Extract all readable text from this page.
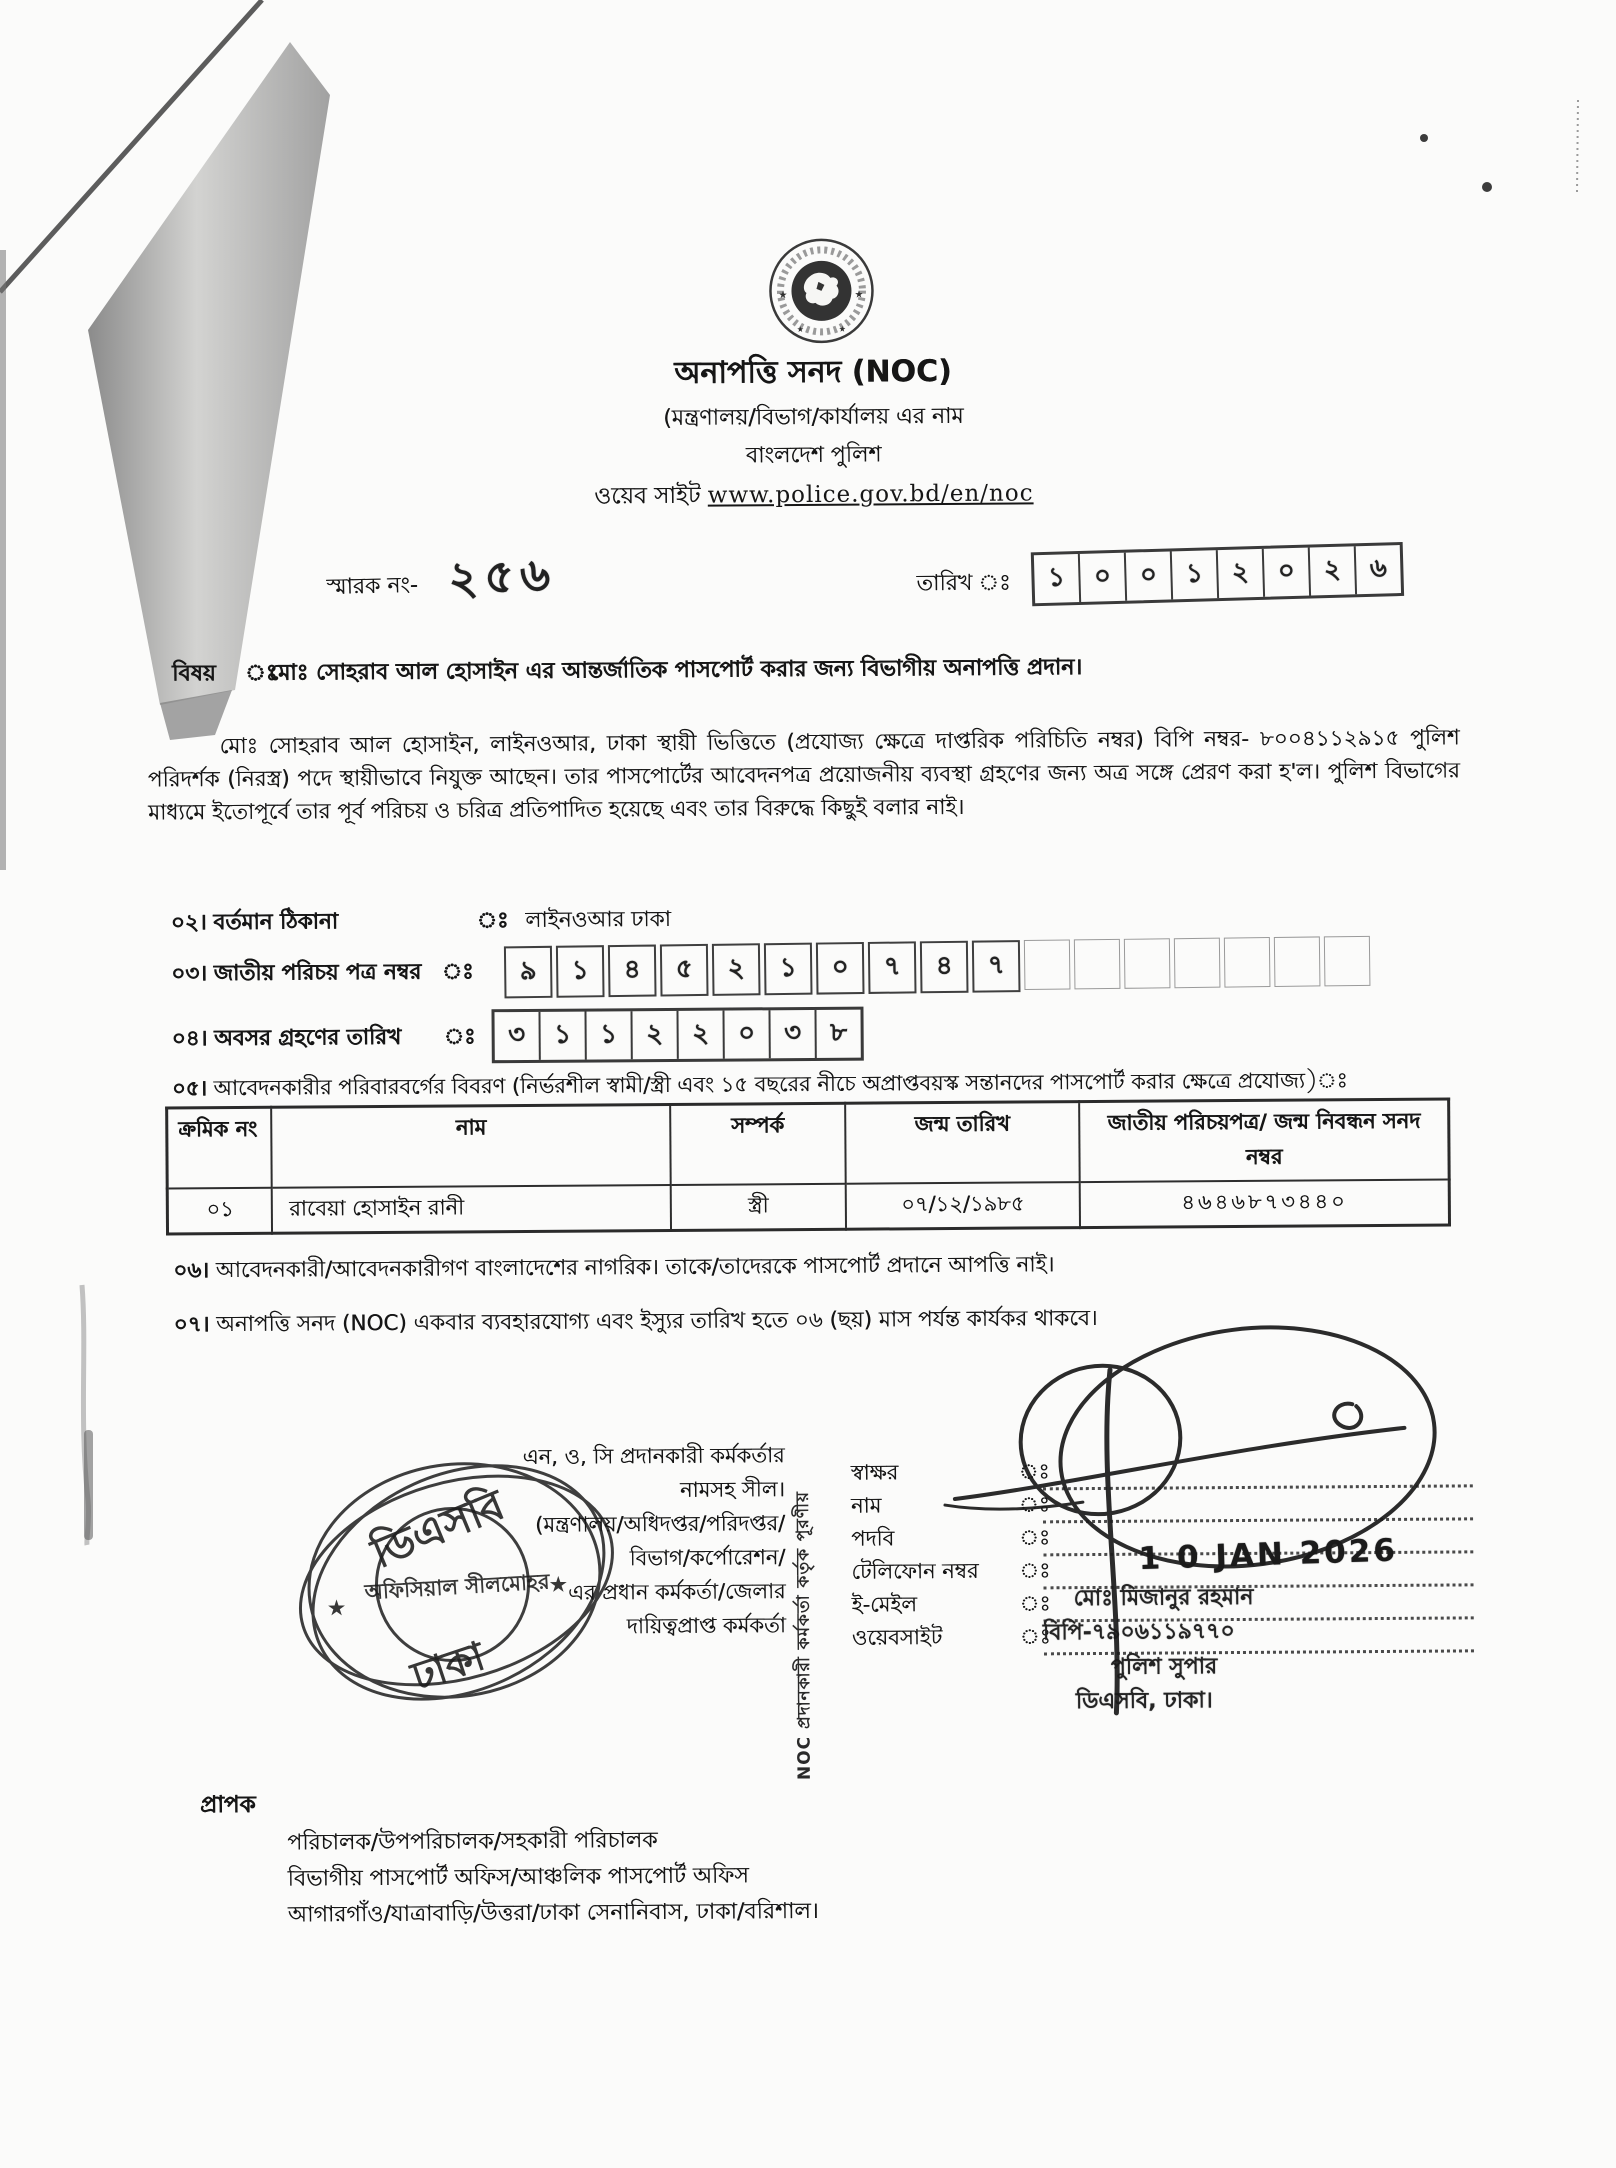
★	★
★	★
অনাপত্তি সনদ (NOC)
(মন্ত্রণালয়/বিভাগ/কার্যালয় এর নাম
বাংলদেশ পুলিশ
ওয়েব সাইট www.police.gov.bd/en/noc
স্মারক নং- ২৫৬	তারিখ ঃ	১	০	০	১	২	০	২	৬
বিষয় ঃ
মোঃ সোহরাব আল হোসাইন এর আন্তর্জাতিক পাসপোর্ট করার জন্য বিভাগীয় অনাপত্তি প্রদান।
মোঃ সোহরাব আল হোসাইন, লাইনওআর, ঢাকা স্থায়ী ভিত্তিতে (প্রযোজ্য ক্ষেত্রে দাপ্তরিক পরিচিতি নম্বর) বিপি নম্বর- ৮০০৪১১২৯১৫ পুলিশ পরিদর্শক (নিরস্ত্র) পদে স্থায়ীভাবে নিযুক্ত আছেন। তার পাসপোর্টের আবেদনপত্র প্রয়োজনীয় ব্যবস্থা গ্রহণের জন্য অত্র সঙ্গে প্রেরণ করা হ'ল। পুলিশ বিভাগের মাধ্যমে ইতোপূর্বে তার পূর্ব পরিচয় ও চরিত্র প্রতিপাদিত হয়েছে এবং তার বিরুদ্ধে কিছুই বলার নাই।
০২। বর্তমান ঠিকানা	ঃ লাইনওআর ঢাকা
০৩। জাতীয় পরিচয় পত্র নম্বর ঃ	৯	১	৪	৫	২	১	০	৭	৪	৭
০৪। অবসর গ্রহণের তারিখ ঃ	৩	১	১	২	২	০	৩	৮
০৫। আবেদনকারীর পরিবারবর্গের বিবরণ (নির্ভরশীল স্বামী/স্ত্রী এবং ১৫ বছরের নীচে অপ্রাপ্তবয়স্ক সন্তানদের পাসপোর্ট করার ক্ষেত্রে প্রযোজ্য)ঃ
ক্রমিক নং	নাম	সম্পর্ক	জন্ম তারিখ	জাতীয় পরিচয়পত্র/ জন্ম নিবন্ধন সনদ নম্বর
০১	রাবেয়া হোসাইন রানী	স্ত্রী	০৭/১২/১৯৮৫	৪৬৪৬৮৭৩৪৪০
০৬। আবেদনকারী/আবেদনকারীগণ বাংলাদেশের নাগরিক। তাকে/তাদেরকে পাসপোর্ট প্রদানে আপত্তি নাই।
০৭। অনাপত্তি সনদ (NOC) একবার ব্যবহারযোগ্য এবং ইস্যুর তারিখ হতে ০৬ (ছয়) মাস পর্যন্ত কার্যকর থাকবে।
ডিএসবি
★
অফিসিয়াল সীলমোহর
★
ঢাকা
এন, ও, সি প্রদানকারী কর্মকর্তার
নামসহ সীল।
(মন্ত্রণালয়/অধিদপ্তর/পরিদপ্তর/
বিভাগ/কর্পোরেশন/
এর প্রধান কর্মকর্তা/জেলার
দায়িত্বপ্রাপ্ত কর্মকর্তা NOC প্রদানকারী কর্মকর্তা কর্তৃক পূরণীয়
স্বাক্ষর	ঃ
নাম	ঃ
পদবি	ঃ
টেলিফোন নম্বর	ঃ
ই-মেইল	ঃ
ওয়েবসাইট	ঃ
1 0 JAN 2026
মোঃ মিজানুর রহমান
বিপি-৭৯০৬১১৯৭৭০
পুলিশ সুপার
ডিএসবি, ঢাকা।
প্রাপক
পরিচালক/উপপরিচালক/সহকারী পরিচালক
বিভাগীয় পাসপোর্ট অফিস/আঞ্চলিক পাসপোর্ট অফিস
আগারগাঁও/যাত্রাবাড়ি/উত্তরা/ঢাকা সেনানিবাস, ঢাকা/বরিশাল।
